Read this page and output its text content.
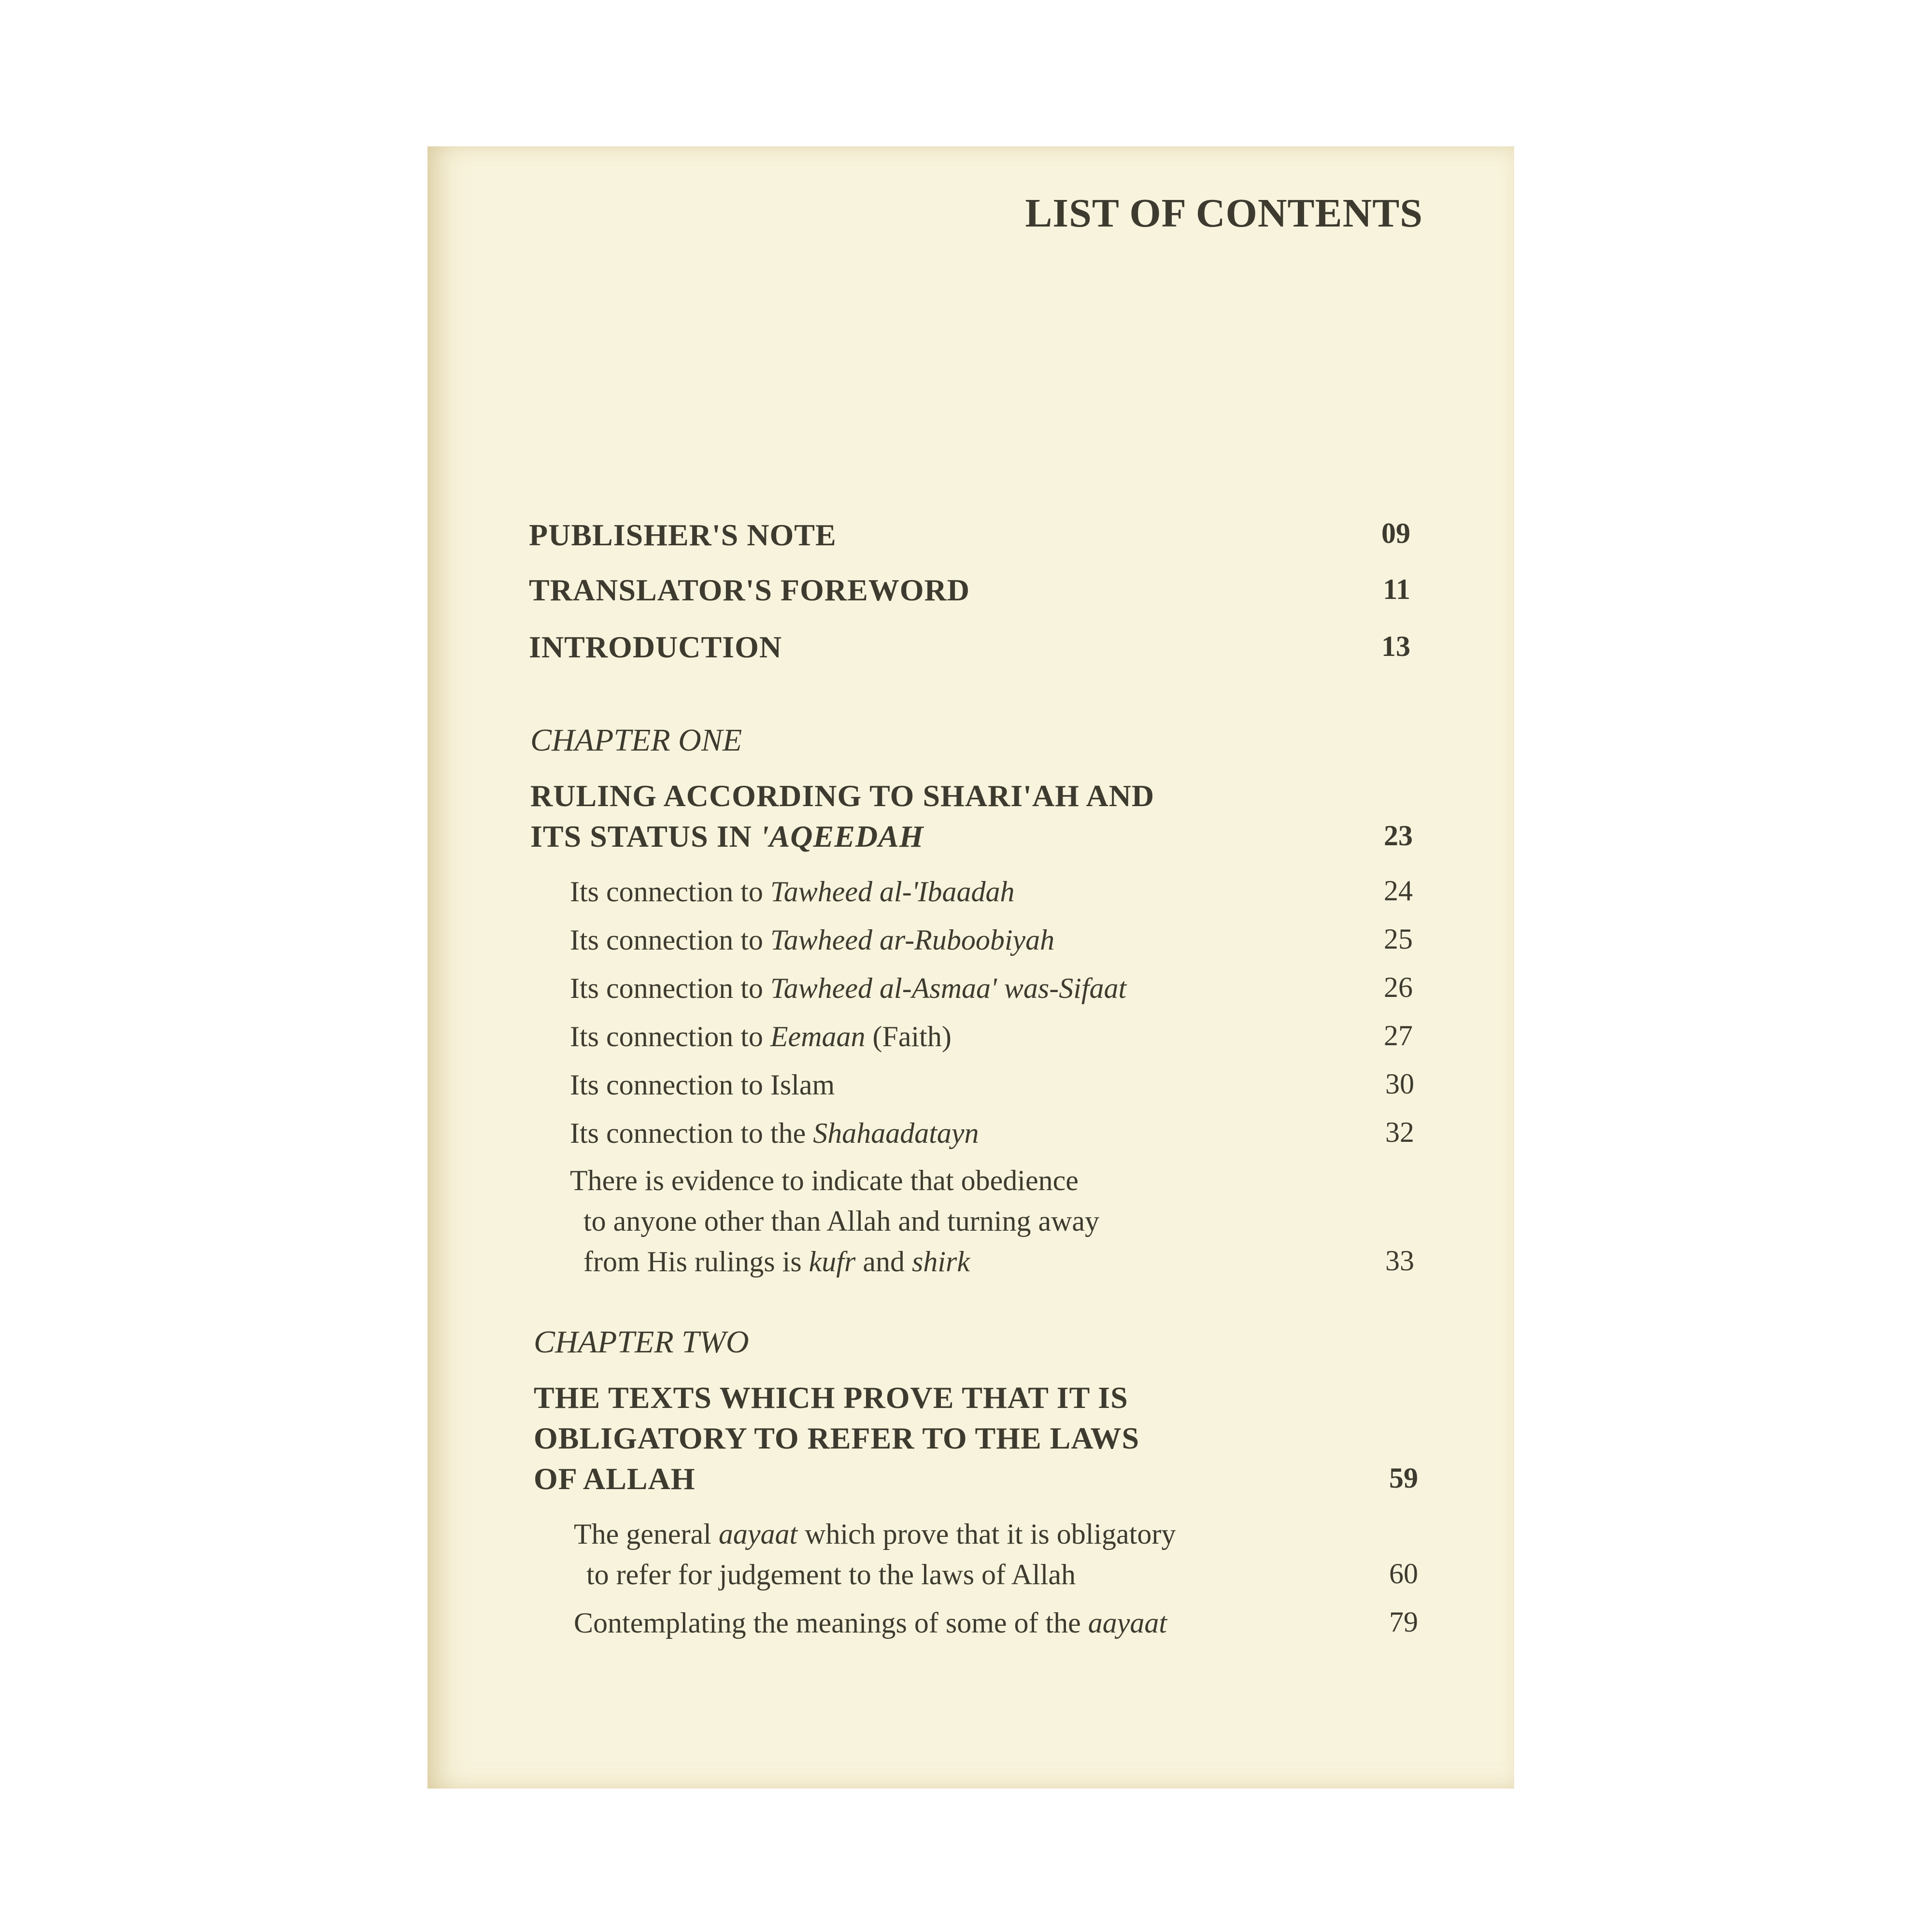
LIST OF CONTENTS
PUBLISHER'S NOTE	09
TRANSLATOR'S FOREWORD	11
INTRODUCTION	13
CHAPTER ONE
RULING ACCORDING TO SHARI'AH AND
ITS STATUS IN 'AQEEDAH	23
Its connection to Tawheed al-'Ibaadah	24
Its connection to Tawheed ar-Ruboobiyah	25
Its connection to Tawheed al-Asmaa' was-Sifaat	26
Its connection to Eemaan (Faith)	27
Its connection to Islam	30
Its connection to the Shahaadatayn	32
There is evidence to indicate that obedience
to anyone other than Allah and turning away
from His rulings is kufr and shirk	33
CHAPTER TWO
THE TEXTS WHICH PROVE THAT IT IS
OBLIGATORY TO REFER TO THE LAWS
OF ALLAH	59
The general aayaat which prove that it is obligatory
to refer for judgement to the laws of Allah	60
Contemplating the meanings of some of the aayaat	79
